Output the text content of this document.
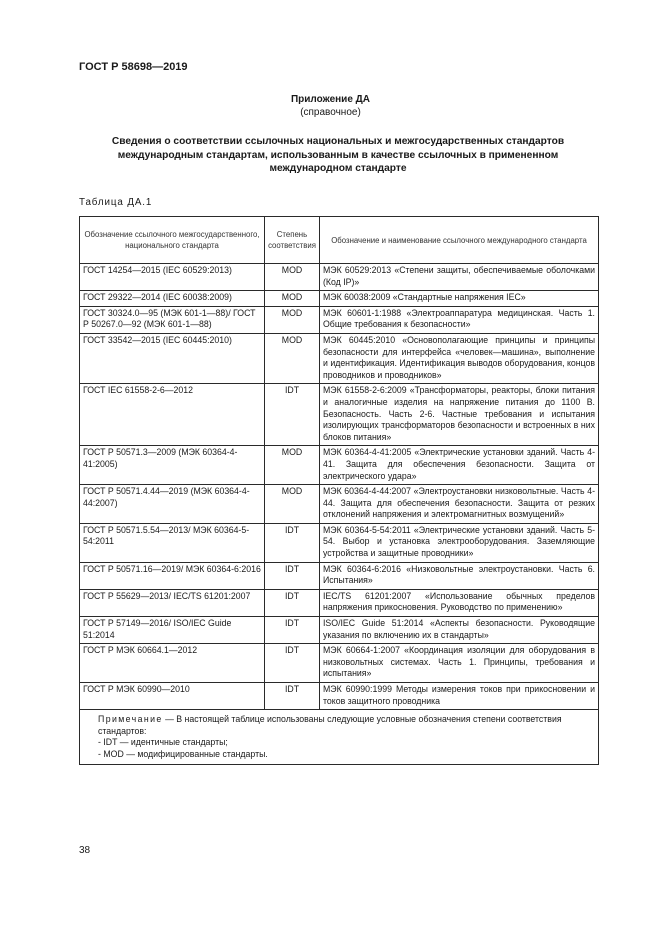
ГОСТ Р 58698—2019
Приложение ДА
(справочное)
Сведения о соответствии ссылочных национальных и межгосударственных стандартов международным стандартам, использованным в качестве ссылочных в примененном международном стандарте
Таблица ДА.1
Обозначение ссылочного межгосударственного, национального стандарта	Степень соответствия	Обозначение и наименование ссылочного международного стандарта
ГОСТ 14254—2015 (IEC 60529:2013)	MOD	МЭК 60529:2013 «Степени защиты, обеспечиваемые оболочками (Код IP)»
ГОСТ 29322—2014 (IEC 60038:2009)	MOD	МЭК 60038:2009 «Стандартные напряжения IEC»
ГОСТ 30324.0—95 (МЭК 601-1—88)/ ГОСТ Р 50267.0—92 (МЭК 601-1—88)	MOD	МЭК 60601-1:1988 «Электроаппаратура медицинская. Часть 1. Общие требования к безопасности»
ГОСТ 33542—2015 (IEC 60445:2010)	MOD	МЭК 60445:2010 «Основополагающие принципы и принципы безопасности для интерфейса «человек—машина», выполнение и идентификация. Идентификация выводов оборудования, концов проводников и проводников»
ГОСТ IEC 61558-2-6—2012	IDT	МЭК 61558-2-6:2009 «Трансформаторы, реакторы, блоки питания и аналогичные изделия на напряжение питания до 1100 В. Безопасность. Часть 2-6. Частные требования и испытания изолирующих трансформаторов безопасности и встроенных в них блоков питания»
ГОСТ Р 50571.3—2009 (МЭК 60364-4-41:2005)	MOD	МЭК 60364-4-41:2005 «Электрические установки зданий. Часть 4-41. Защита для обеспечения безопасности. Защита от электрического удара»
ГОСТ Р 50571.4.44—2019 (МЭК 60364-4-44:2007)	MOD	МЭК 60364-4-44:2007 «Электроустановки низковольтные. Часть 4-44. Защита для обеспечения безопасности. Защита от резких отклонений напряжения и электромагнитных возмущений»
ГОСТ Р 50571.5.54—2013/ МЭК 60364-5-54:2011	IDT	МЭК 60364-5-54:2011 «Электрические установки зданий. Часть 5-54. Выбор и установка электрооборудования. Заземляющие устройства и защитные проводники»
ГОСТ Р 50571.16—2019/ МЭК 60364-6:2016	IDT	МЭК 60364-6:2016 «Низковольтные электроустановки. Часть 6. Испытания»
ГОСТ Р 55629—2013/ IEC/TS 61201:2007	IDT	IEC/TS 61201:2007 «Использование обычных пределов напряжения прикосновения. Руководство по применению»
ГОСТ Р 57149—2016/ ISO/IEC Guide 51:2014	IDT	ISO/IEC Guide 51:2014 «Аспекты безопасности. Руководящие указания по включению их в стандарты»
ГОСТ Р МЭК 60664.1—2012	IDT	МЭК 60664-1:2007 «Координация изоляции для оборудования в низковольтных системах. Часть 1. Принципы, требования и испытания»
ГОСТ Р МЭК 60990—2010	IDT	МЭК 60990:1999 Методы измерения токов при прикосновении и токов защитного проводника

Примечание — В настоящей таблице использованы следующие условные обозначения степени соответствия стандартов:
- IDT — идентичные стандарты;
- MOD — модифицированные стандарты.		
38
